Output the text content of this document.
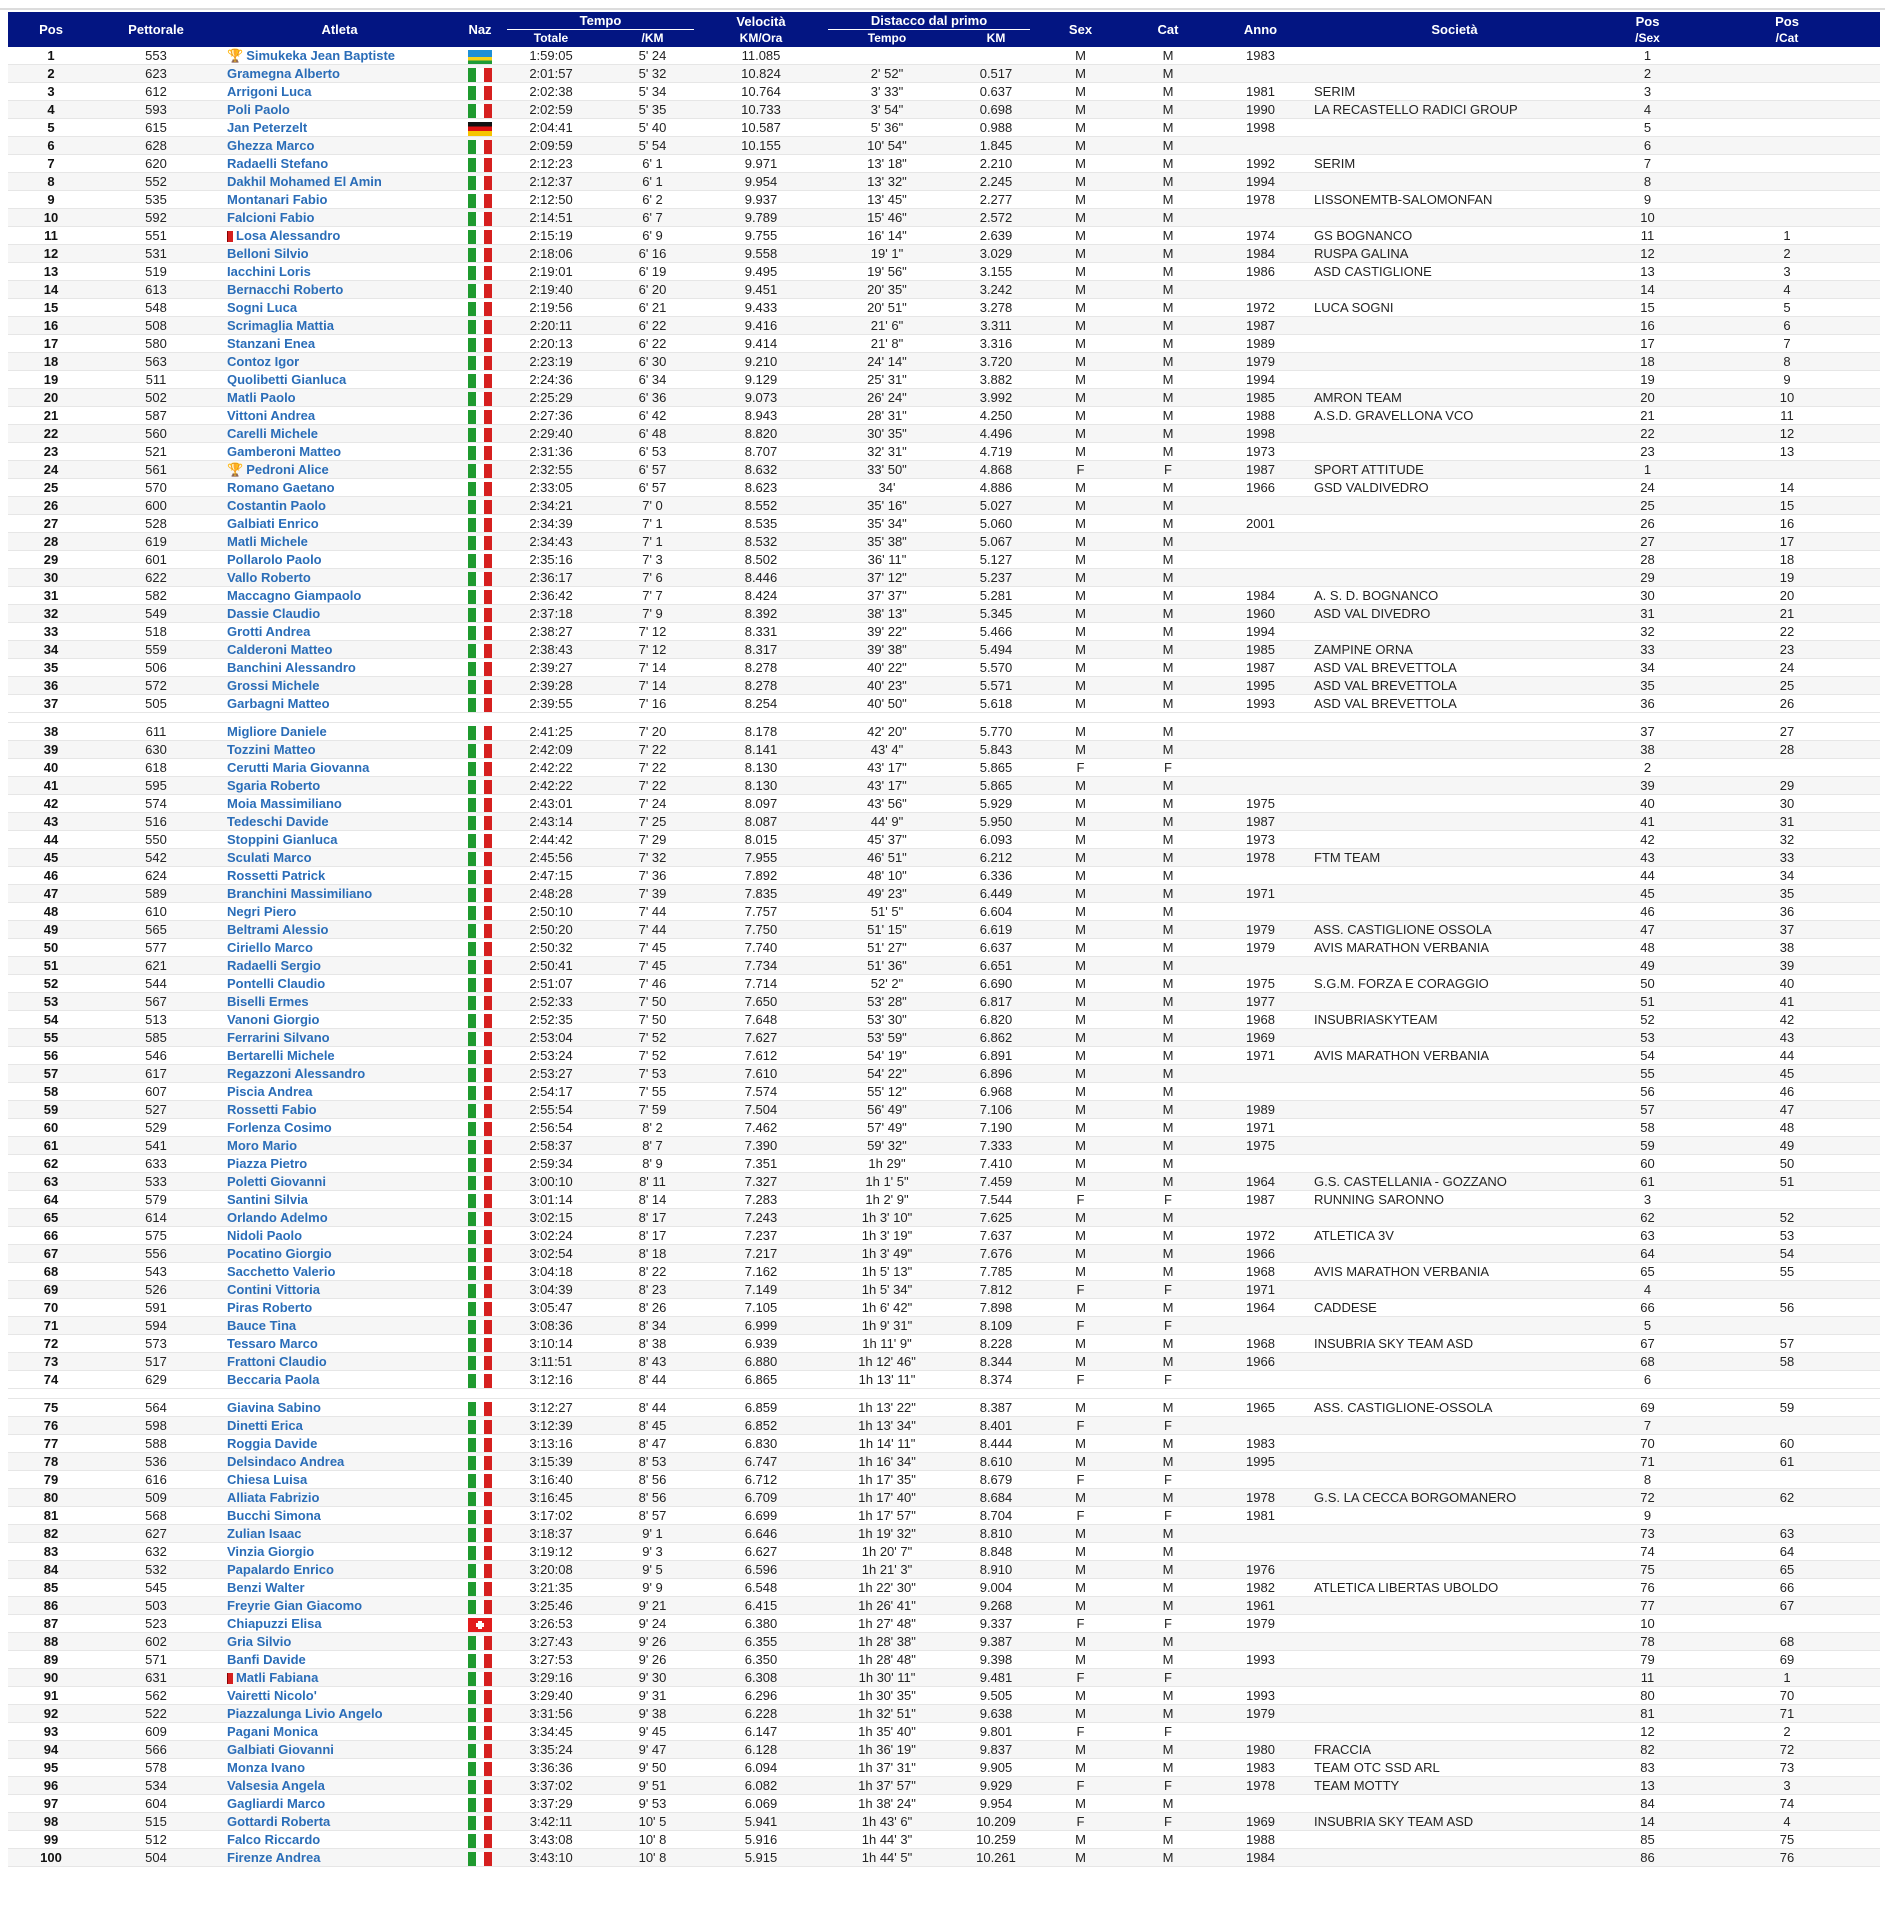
Pos	Pettorale	Atleta	Naz	Tempo		Velocità	Distacco dal primo		Sex	Cat	Anno	Società	Pos	Pos
				Totale	/KM	KM/Ora	Tempo	KM					/Sex	/Cat
1	553	🏆 Simukeka Jean Baptiste		1:59:05	5' 24	11.085			M	M	1983		1	
2	623	Gramegna Alberto		2:01:57	5' 32	10.824	2' 52"	0.517	M	M			2	
3	612	Arrigoni Luca		2:02:38	5' 34	10.764	3' 33"	0.637	M	M	1981	SERIM	3	
4	593	Poli Paolo		2:02:59	5' 35	10.733	3' 54"	0.698	M	M	1990	LA RECASTELLO RADICI GROUP	4	
5	615	Jan Peterzelt		2:04:41	5' 40	10.587	5' 36"	0.988	M	M	1998		5	
6	628	Ghezza Marco		2:09:59	5' 54	10.155	10' 54"	1.845	M	M			6	
7	620	Radaelli Stefano		2:12:23	6' 1	9.971	13' 18"	2.210	M	M	1992	SERIM	7	
8	552	Dakhil Mohamed El Amin		2:12:37	6' 1	9.954	13' 32"	2.245	M	M	1994		8	
9	535	Montanari Fabio		2:12:50	6' 2	9.937	13' 45"	2.277	M	M	1978	LISSONEMTB-SALOMONFAN	9	
10	592	Falcioni Fabio		2:14:51	6' 7	9.789	15' 46"	2.572	M	M			10	
11	551	Losa Alessandro		2:15:19	6' 9	9.755	16' 14"	2.639	M	M	1974	GS BOGNANCO	11	1
12	531	Belloni Silvio		2:18:06	6' 16	9.558	19' 1"	3.029	M	M	1984	RUSPA GALINA	12	2
13	519	Iacchini Loris		2:19:01	6' 19	9.495	19' 56"	3.155	M	M	1986	ASD CASTIGLIONE	13	3
14	613	Bernacchi Roberto		2:19:40	6' 20	9.451	20' 35"	3.242	M	M			14	4
15	548	Sogni Luca		2:19:56	6' 21	9.433	20' 51"	3.278	M	M	1972	LUCA SOGNI	15	5
16	508	Scrimaglia Mattia		2:20:11	6' 22	9.416	21' 6"	3.311	M	M	1987		16	6
17	580	Stanzani Enea		2:20:13	6' 22	9.414	21' 8"	3.316	M	M	1989		17	7
18	563	Contoz Igor		2:23:19	6' 30	9.210	24' 14"	3.720	M	M	1979		18	8
19	511	Quolibetti Gianluca		2:24:36	6' 34	9.129	25' 31"	3.882	M	M	1994		19	9
20	502	Matli Paolo		2:25:29	6' 36	9.073	26' 24"	3.992	M	M	1985	AMRON TEAM	20	10
21	587	Vittoni Andrea		2:27:36	6' 42	8.943	28' 31"	4.250	M	M	1988	A.S.D. GRAVELLONA VCO	21	11
22	560	Carelli Michele		2:29:40	6' 48	8.820	30' 35"	4.496	M	M	1998		22	12
23	521	Gamberoni Matteo		2:31:36	6' 53	8.707	32' 31"	4.719	M	M	1973		23	13
24	561	🏆 Pedroni Alice		2:32:55	6' 57	8.632	33' 50"	4.868	F	F	1987	SPORT ATTITUDE	1	
25	570	Romano Gaetano		2:33:05	6' 57	8.623	34'	4.886	M	M	1966	GSD VALDIVEDRO	24	14
26	600	Costantin Paolo		2:34:21	7' 0	8.552	35' 16"	5.027	M	M			25	15
27	528	Galbiati Enrico		2:34:39	7' 1	8.535	35' 34"	5.060	M	M	2001		26	16
28	619	Matli Michele		2:34:43	7' 1	8.532	35' 38"	5.067	M	M			27	17
29	601	Pollarolo Paolo		2:35:16	7' 3	8.502	36' 11"	5.127	M	M			28	18
30	622	Vallo Roberto		2:36:17	7' 6	8.446	37' 12"	5.237	M	M			29	19
31	582	Maccagno Giampaolo		2:36:42	7' 7	8.424	37' 37"	5.281	M	M	1984	A. S. D. BOGNANCO	30	20
32	549	Dassie Claudio		2:37:18	7' 9	8.392	38' 13"	5.345	M	M	1960	ASD VAL DIVEDRO	31	21
33	518	Grotti Andrea		2:38:27	7' 12	8.331	39' 22"	5.466	M	M	1994		32	22
34	559	Calderoni Matteo		2:38:43	7' 12	8.317	39' 38"	5.494	M	M	1985	ZAMPINE ORNA	33	23
35	506	Banchini Alessandro		2:39:27	7' 14	8.278	40' 22"	5.570	M	M	1987	ASD VAL BREVETTOLA	34	24
36	572	Grossi Michele		2:39:28	7' 14	8.278	40' 23"	5.571	M	M	1995	ASD VAL BREVETTOLA	35	25
37	505	Garbagni Matteo		2:39:55	7' 16	8.254	40' 50"	5.618	M	M	1993	ASD VAL BREVETTOLA	36	26

38	611	Migliore Daniele		2:41:25	7' 20	8.178	42' 20"	5.770	M	M			37	27
39	630	Tozzini Matteo		2:42:09	7' 22	8.141	43' 4"	5.843	M	M			38	28
40	618	Cerutti Maria Giovanna		2:42:22	7' 22	8.130	43' 17"	5.865	F	F			2	
41	595	Sgaria Roberto		2:42:22	7' 22	8.130	43' 17"	5.865	M	M			39	29
42	574	Moia Massimiliano		2:43:01	7' 24	8.097	43' 56"	5.929	M	M	1975		40	30
43	516	Tedeschi Davide		2:43:14	7' 25	8.087	44' 9"	5.950	M	M	1987		41	31
44	550	Stoppini Gianluca		2:44:42	7' 29	8.015	45' 37"	6.093	M	M	1973		42	32
45	542	Sculati Marco		2:45:56	7' 32	7.955	46' 51"	6.212	M	M	1978	FTM TEAM	43	33
46	624	Rossetti Patrick		2:47:15	7' 36	7.892	48' 10"	6.336	M	M			44	34
47	589	Branchini Massimiliano		2:48:28	7' 39	7.835	49' 23"	6.449	M	M	1971		45	35
48	610	Negri Piero		2:50:10	7' 44	7.757	51' 5"	6.604	M	M			46	36
49	565	Beltrami Alessio		2:50:20	7' 44	7.750	51' 15"	6.619	M	M	1979	ASS. CASTIGLIONE OSSOLA	47	37
50	577	Ciriello Marco		2:50:32	7' 45	7.740	51' 27"	6.637	M	M	1979	AVIS MARATHON VERBANIA	48	38
51	621	Radaelli Sergio		2:50:41	7' 45	7.734	51' 36"	6.651	M	M			49	39
52	544	Pontelli Claudio		2:51:07	7' 46	7.714	52' 2"	6.690	M	M	1975	S.G.M. FORZA E CORAGGIO	50	40
53	567	Biselli Ermes		2:52:33	7' 50	7.650	53' 28"	6.817	M	M	1977		51	41
54	513	Vanoni Giorgio		2:52:35	7' 50	7.648	53' 30"	6.820	M	M	1968	INSUBRIASKYTEAM	52	42
55	585	Ferrarini Silvano		2:53:04	7' 52	7.627	53' 59"	6.862	M	M	1969		53	43
56	546	Bertarelli Michele		2:53:24	7' 52	7.612	54' 19"	6.891	M	M	1971	AVIS MARATHON VERBANIA	54	44
57	617	Regazzoni Alessandro		2:53:27	7' 53	7.610	54' 22"	6.896	M	M			55	45
58	607	Piscia Andrea		2:54:17	7' 55	7.574	55' 12"	6.968	M	M			56	46
59	527	Rossetti Fabio		2:55:54	7' 59	7.504	56' 49"	7.106	M	M	1989		57	47
60	529	Forlenza Cosimo		2:56:54	8' 2	7.462	57' 49"	7.190	M	M	1971		58	48
61	541	Moro Mario		2:58:37	8' 7	7.390	59' 32"	7.333	M	M	1975		59	49
62	633	Piazza Pietro		2:59:34	8' 9	7.351	1h 29"	7.410	M	M			60	50
63	533	Poletti Giovanni		3:00:10	8' 11	7.327	1h 1' 5"	7.459	M	M	1964	G.S. CASTELLANIA - GOZZANO	61	51
64	579	Santini Silvia		3:01:14	8' 14	7.283	1h 2' 9"	7.544	F	F	1987	RUNNING SARONNO	3	
65	614	Orlando Adelmo		3:02:15	8' 17	7.243	1h 3' 10"	7.625	M	M			62	52
66	575	Nidoli Paolo		3:02:24	8' 17	7.237	1h 3' 19"	7.637	M	M	1972	ATLETICA 3V	63	53
67	556	Pocatino Giorgio		3:02:54	8' 18	7.217	1h 3' 49"	7.676	M	M	1966		64	54
68	543	Sacchetto Valerio		3:04:18	8' 22	7.162	1h 5' 13"	7.785	M	M	1968	AVIS MARATHON VERBANIA	65	55
69	526	Contini Vittoria		3:04:39	8' 23	7.149	1h 5' 34"	7.812	F	F	1971		4	
70	591	Piras Roberto		3:05:47	8' 26	7.105	1h 6' 42"	7.898	M	M	1964	CADDESE	66	56
71	594	Bauce Tina		3:08:36	8' 34	6.999	1h 9' 31"	8.109	F	F			5	
72	573	Tessaro Marco		3:10:14	8' 38	6.939	1h 11' 9"	8.228	M	M	1968	INSUBRIA SKY TEAM ASD	67	57
73	517	Frattoni Claudio		3:11:51	8' 43	6.880	1h 12' 46"	8.344	M	M	1966		68	58
74	629	Beccaria Paola		3:12:16	8' 44	6.865	1h 13' 11"	8.374	F	F			6	

75	564	Giavina Sabino		3:12:27	8' 44	6.859	1h 13' 22"	8.387	M	M	1965	ASS. CASTIGLIONE-OSSOLA	69	59
76	598	Dinetti Erica		3:12:39	8' 45	6.852	1h 13' 34"	8.401	F	F			7	
77	588	Roggia Davide		3:13:16	8' 47	6.830	1h 14' 11"	8.444	M	M	1983		70	60
78	536	Delsindaco Andrea		3:15:39	8' 53	6.747	1h 16' 34"	8.610	M	M	1995		71	61
79	616	Chiesa Luisa		3:16:40	8' 56	6.712	1h 17' 35"	8.679	F	F			8	
80	509	Alliata Fabrizio		3:16:45	8' 56	6.709	1h 17' 40"	8.684	M	M	1978	G.S. LA CECCA BORGOMANERO	72	62
81	568	Bucchi Simona		3:17:02	8' 57	6.699	1h 17' 57"	8.704	F	F	1981		9	
82	627	Zulian Isaac		3:18:37	9' 1	6.646	1h 19' 32"	8.810	M	M			73	63
83	632	Vinzia Giorgio		3:19:12	9' 3	6.627	1h 20' 7"	8.848	M	M			74	64
84	532	Papalardo Enrico		3:20:08	9' 5	6.596	1h 21' 3"	8.910	M	M	1976		75	65
85	545	Benzi Walter		3:21:35	9' 9	6.548	1h 22' 30"	9.004	M	M	1982	ATLETICA LIBERTAS UBOLDO	76	66
86	503	Freyrie Gian Giacomo		3:25:46	9' 21	6.415	1h 26' 41"	9.268	M	M	1961		77	67
87	523	Chiapuzzi Elisa		3:26:53	9' 24	6.380	1h 27' 48"	9.337	F	F	1979		10	
88	602	Gria Silvio		3:27:43	9' 26	6.355	1h 28' 38"	9.387	M	M			78	68
89	571	Banfi Davide		3:27:53	9' 26	6.350	1h 28' 48"	9.398	M	M	1993		79	69
90	631	Matli Fabiana		3:29:16	9' 30	6.308	1h 30' 11"	9.481	F	F			11	1
91	562	Vairetti Nicolo'		3:29:40	9' 31	6.296	1h 30' 35"	9.505	M	M	1993		80	70
92	522	Piazzalunga Livio Angelo		3:31:56	9' 38	6.228	1h 32' 51"	9.638	M	M	1979		81	71
93	609	Pagani Monica		3:34:45	9' 45	6.147	1h 35' 40"	9.801	F	F			12	2
94	566	Galbiati Giovanni		3:35:24	9' 47	6.128	1h 36' 19"	9.837	M	M	1980	FRACCIA	82	72
95	578	Monza Ivano		3:36:36	9' 50	6.094	1h 37' 31"	9.905	M	M	1983	TEAM OTC SSD ARL	83	73
96	534	Valsesia Angela		3:37:02	9' 51	6.082	1h 37' 57"	9.929	F	F	1978	TEAM MOTTY	13	3
97	604	Gagliardi Marco		3:37:29	9' 53	6.069	1h 38' 24"	9.954	M	M			84	74
98	515	Gottardi Roberta		3:42:11	10' 5	5.941	1h 43' 6"	10.209	F	F	1969	INSUBRIA SKY TEAM ASD	14	4
99	512	Falco Riccardo		3:43:08	10' 8	5.916	1h 44' 3"	10.259	M	M	1988		85	75
100	504	Firenze Andrea		3:43:10	10' 8	5.915	1h 44' 5"	10.261	M	M	1984		86	76
